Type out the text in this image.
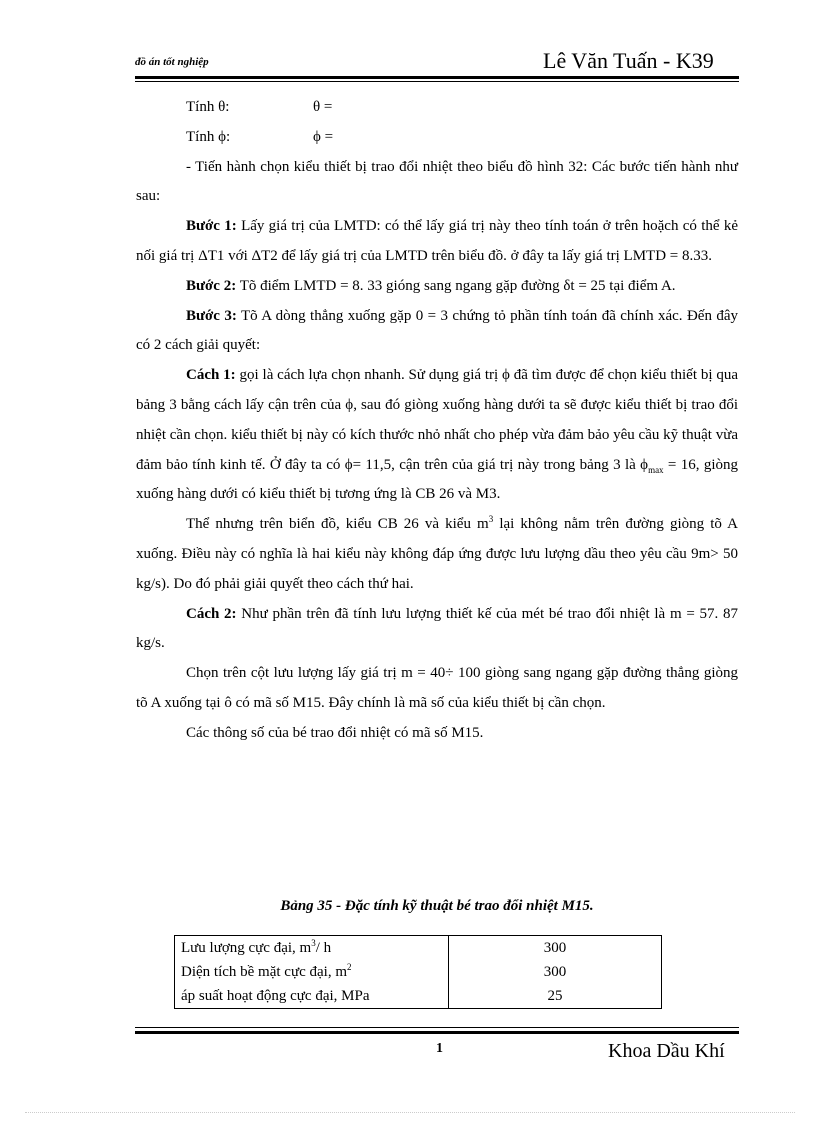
đồ án tốt nghiệp	Lê Văn Tuấn - K39

Tính θ:	θ =

Tính ϕ:	ϕ =

- Tiến hành chọn kiểu thiết bị trao đổi nhiệt theo biểu đồ hình 32: Các bước tiến hành như sau:

Bước 1: Lấy giá trị của LMTD: có thể lấy giá trị này theo tính toán ở trên hoặch có thể kẻ nối giá trị ΔT1 với ΔT2 để lấy giá trị của LMTD trên biểu đồ. ở đây ta lấy giá trị LMTD = 8.33.

Bước 2: Tõ điểm LMTD = 8. 33 gióng sang ngang gặp đường δt = 25 tại điểm A.

Bước 3: Tõ A dòng thẳng xuống gặp 0 = 3 chứng tỏ phần tính toán đã chính xác. Đến đây có 2 cách giải quyết:

Cách 1: gọi là cách lựa chọn nhanh. Sử dụng giá trị ϕ đã tìm được để chọn kiểu thiết bị qua bảng 3 bằng cách lấy cận trên của ϕ, sau đó giòng xuống hàng dưới ta sẽ được kiểu thiết bị trao đổi nhiệt cần chọn. kiểu thiết bị này có kích thước nhỏ nhất cho phép vừa đảm bảo yêu cầu kỹ thuật vừa đảm bảo tính kinh tế. Ở đây ta có ϕ= 11,5, cận trên của giá trị này trong bảng 3 là $\phi_{max} = 16$, giòng xuống hàng dưới có kiểu thiết bị tương ứng là CB 26 và M3.

Thể nhưng trên biển đồ, kiểu CB 26 và kiểu $m^3$ lại không nằm trên đường giòng tõ A xuống. Điều này có nghĩa là hai kiểu này không đáp ứng được lưu lượng dầu theo yêu cầu 9m> 50 kg/s). Do đó phải giải quyết theo cách thứ hai.

Cách 2: Như phần trên đã tính lưu lượng thiết kế của mét bé trao đổi nhiệt là m = 57. 87 kg/s.

Chọn trên cột lưu lượng lấy giá trị m = 40÷ 100 giòng sang ngang gặp đường thẳng giòng tõ A xuống tại ô có mã số M15. Đây chính là mã số của kiểu thiết bị cần chọn.

Các thông số của bé trao đổi nhiệt có mã số M15.

Bảng 35 - Đặc tính kỹ thuật bé trao đổi nhiệt M15.
Lưu lượng cực đại, $m^3/$ h	300
Diện tích bề mặt cực đại, $m^2$	300
áp suất hoạt động cực đại, MPa	25
1	Khoa Dầu Khí
